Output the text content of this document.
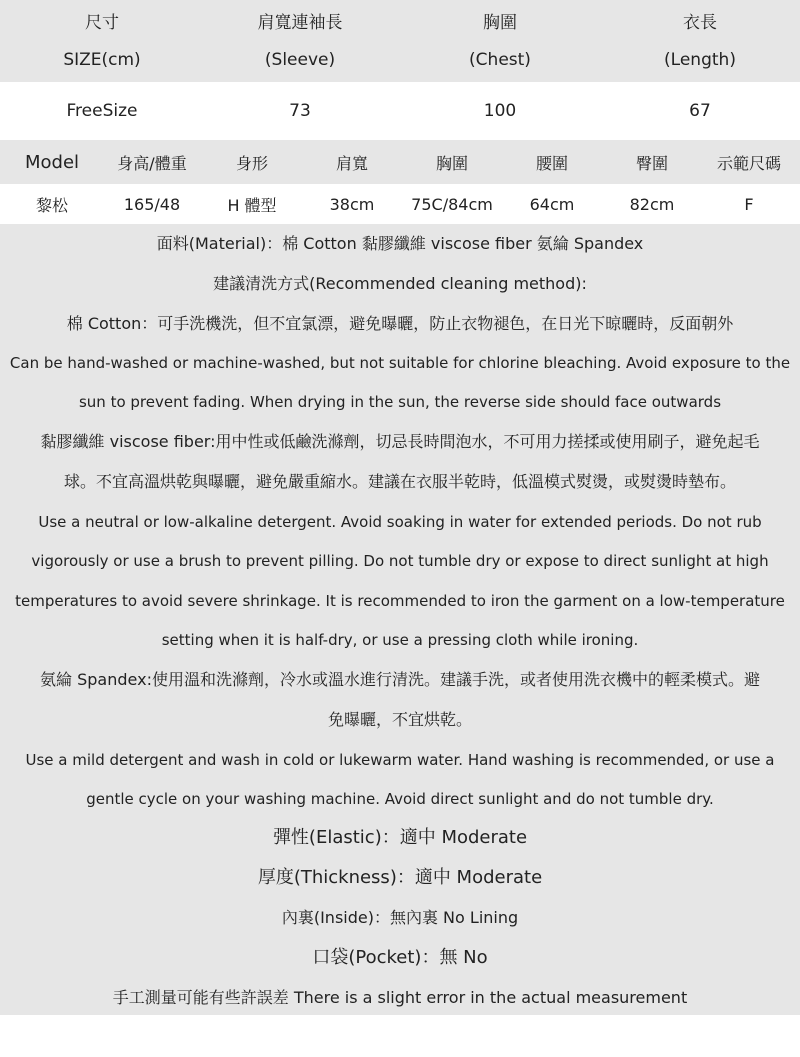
尺寸	肩寬連袖長	胸圍	衣長
SIZE(cm)	(Sleeve)	(Chest)	(Length)
FreeSize	73	100	67
Model	身高/體重	身形	肩寬	胸圍	腰圍	臀圍	示範尺碼
黎松	165/48	H 體型	38cm	75C/84cm	64cm	82cm	F
面料(Material)：棉 Cotton 黏膠纖維 viscose fiber 氨綸 Spandex
建議清洗方式(Recommended cleaning method):
棉 Cotton：可手洗機洗，但不宜氯漂，避免曝曬，防止衣物褪色，在日光下晾曬時，反面朝外
Can be hand-washed or machine-washed, but not suitable for chlorine bleaching. Avoid exposure to the
sun to prevent fading. When drying in the sun, the reverse side should face outwards
黏膠纖維 viscose fiber:用中性或低鹼洗滌劑，切忌長時間泡水，不可用力搓揉或使用刷子，避免起毛
球。不宜高溫烘乾與曝曬，避免嚴重縮水。建議在衣服半乾時，低溫模式熨燙，或熨燙時墊布。
Use a neutral or low-alkaline detergent. Avoid soaking in water for extended periods. Do not rub
vigorously or use a brush to prevent pilling. Do not tumble dry or expose to direct sunlight at high
temperatures to avoid severe shrinkage. It is recommended to iron the garment on a low-temperature
setting when it is half-dry, or use a pressing cloth while ironing.
氨綸 Spandex:使用溫和洗滌劑，冷水或溫水進行清洗。建議手洗，或者使用洗衣機中的輕柔模式。避
免曝曬，不宜烘乾。
Use a mild detergent and wash in cold or lukewarm water. Hand washing is recommended, or use a
gentle cycle on your washing machine. Avoid direct sunlight and do not tumble dry.
彈性(Elastic)：適中 Moderate
厚度(Thickness)：適中 Moderate
內裏(Inside)：無內裏 No Lining
口袋(Pocket)：無 No
手工測量可能有些許誤差 There is a slight error in the actual measurement
